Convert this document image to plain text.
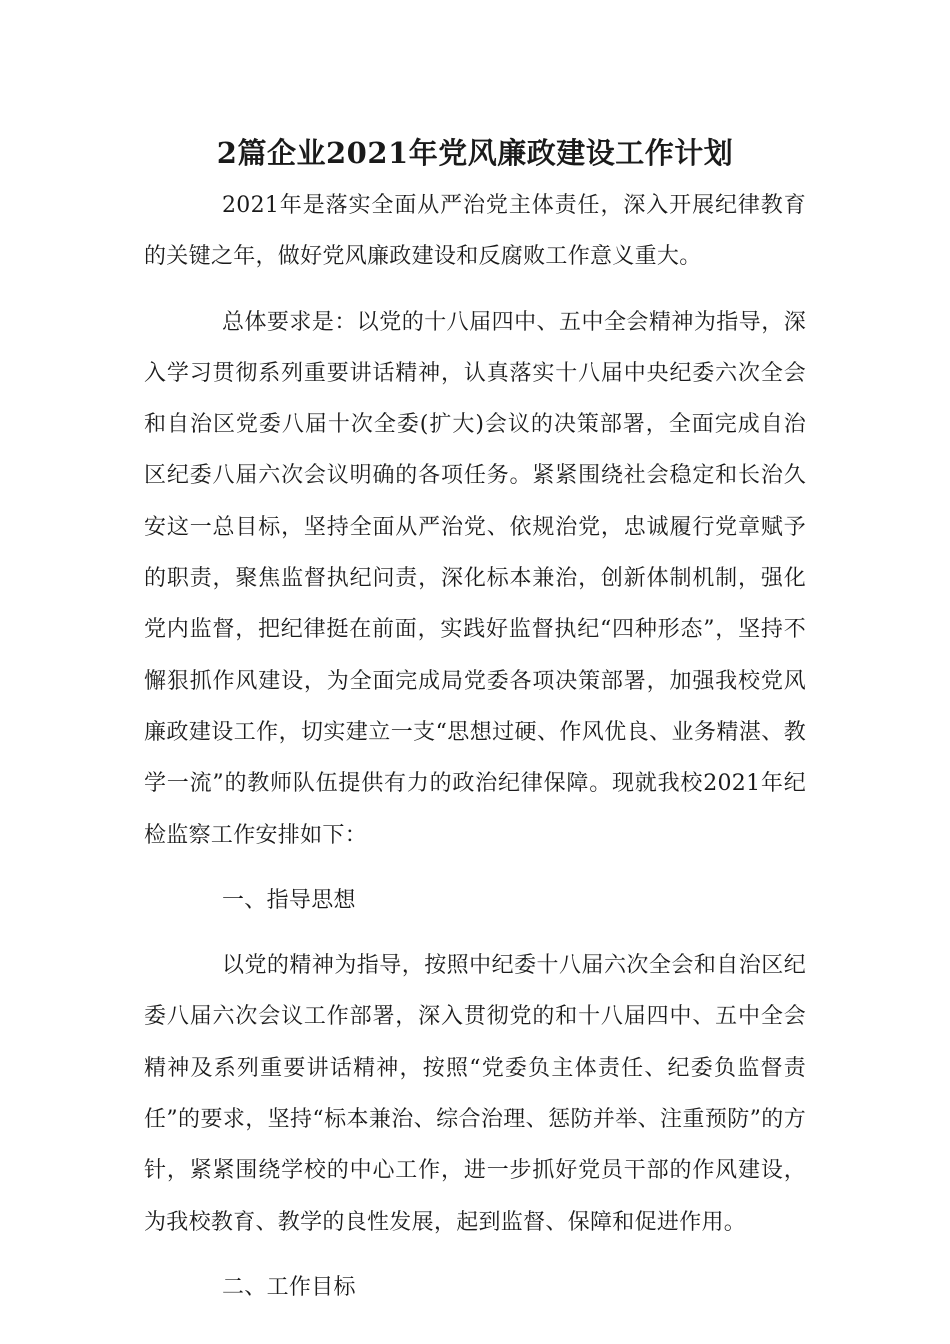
2篇企业2021年党风廉政建设工作计划

2021年是落实全面从严治党主体责任，深入开展纪律教育的关键之年，做好党风廉政建设和反腐败工作意义重大。

总体要求是：以党的十八届四中、五中全会精神为指导，深入学习贯彻系列重要讲话精神，认真落实十八届中央纪委六次全会和自治区党委八届十次全委(扩大)会议的决策部署，全面完成自治区纪委八届六次会议明确的各项任务。紧紧围绕社会稳定和长治久安这一总目标，坚持全面从严治党、依规治党，忠诚履行党章赋予的职责，聚焦监督执纪问责，深化标本兼治，创新体制机制，强化党内监督，把纪律挺在前面，实践好监督执纪“四种形态”，坚持不懈狠抓作风建设，为全面完成局党委各项决策部署，加强我校党风廉政建设工作，切实建立一支“思想过硬、作风优良、业务精湛、教学一流”的教师队伍提供有力的政治纪律保障。现就我校2021年纪检监察工作安排如下：

一、指导思想

以党的精神为指导，按照中纪委十八届六次全会和自治区纪委八届六次会议工作部署，深入贯彻党的和十八届四中、五中全会精神及系列重要讲话精神，按照“党委负主体责任、纪委负监督责任”的要求，坚持“标本兼治、综合治理、惩防并举、注重预防”的方针，紧紧围绕学校的中心工作，进一步抓好党员干部的作风建设，为我校教育、教学的良性发展，起到监督、保障和促进作用。

二、工作目标
